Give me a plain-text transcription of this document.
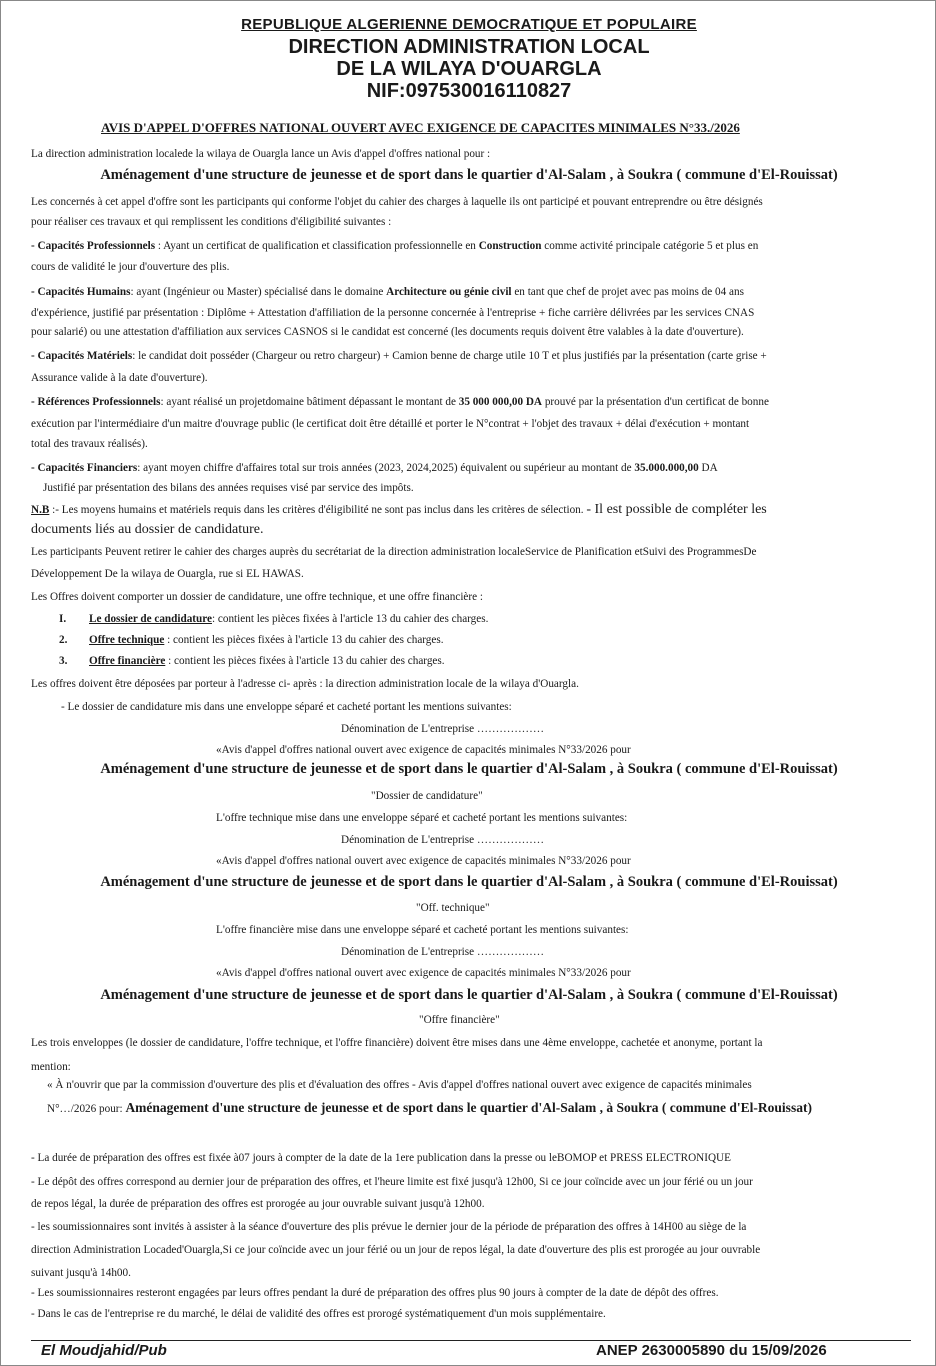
REPUBLIQUE ALGERIENNE DEMOCRATIQUE ET POPULAIRE
DIRECTION ADMINISTRATION LOCAL
DE LA WILAYA D'OUARGLA
NIF:097530016110827
AVIS D'APPEL D'OFFRES NATIONAL OUVERT AVEC EXIGENCE DE CAPACITES MINIMALES N°33./2026
La direction administration localede la wilaya de Ouargla lance un Avis d'appel d'offres national pour :
Aménagement d'une structure de jeunesse et de sport dans le quartier d'Al-Salam , à Soukra ( commune d'El-Rouissat)
Les concernés à cet appel d'offre sont les participants qui conforme l'objet du cahier des charges à laquelle ils ont participé et pouvant entreprendre ou être désignés
pour réaliser ces travaux et qui remplissent les conditions d'éligibilité suivantes :
- Capacités Professionnels : Ayant un certificat de qualification et classification professionnelle en Construction comme activité principale catégorie 5 et plus en
cours de validité le jour d'ouverture des plis.
- Capacités Humains: ayant (Ingénieur ou Master) spécialisé dans le domaine Architecture ou génie civil en tant que chef de projet avec pas moins de 04 ans
d'expérience, justifié par présentation : Diplôme + Attestation d'affiliation de la personne concernée à l'entreprise + fiche carrière délivrées par les services CNAS
pour salarié) ou une attestation d'affiliation aux services CASNOS si le candidat est concerné (les documents requis doivent être valables à la date d'ouverture).
- Capacités Matériels: le candidat doit posséder (Chargeur ou retro chargeur) + Camion benne de charge utile 10 T et plus justifiés par la présentation (carte grise +
Assurance valide à la date d'ouverture).
- Références Professionnels: ayant réalisé un projetdomaine bâtiment dépassant le montant de 35 000 000,00 DA prouvé par la présentation d'un certificat de bonne
exécution par l'intermédiaire d'un maitre d'ouvrage public (le certificat doit être détaillé et porter le N°contrat + l'objet des travaux + délai d'exécution + montant
total des travaux réalisés).
- Capacités Financiers: ayant moyen chiffre d'affaires total sur trois années (2023, 2024,2025) équivalent ou supérieur au montant de 35.000.000,00 DA
Justifié par présentation des bilans des années requises visé par service des impôts.
N.B :- Les moyens humains et matériels requis dans les critères d'éligibilité ne sont pas inclus dans les critères de sélection. - Il est possible de compléter les
documents liés au dossier de candidature.
Les participants Peuvent retirer le cahier des charges auprès du secrétariat de la direction administration localeService de Planification etSuivi des ProgrammesDe
Développement De la wilaya de Ouargla, rue si EL HAWAS.
Les Offres doivent comporter un dossier de candidature, une offre technique, et une offre financière :
I. Le dossier de candidature: contient les pièces fixées à l'article 13 du cahier des charges.
2. Offre technique : contient les pièces fixées à l'article 13 du cahier des charges.
3. Offre financière : contient les pièces fixées à l'article 13 du cahier des charges.
Les offres doivent être déposées par porteur à l'adresse ci- après : la direction administration locale de la wilaya d'Ouargla.
- Le dossier de candidature mis dans une enveloppe séparé et cacheté portant les mentions suivantes:
Dénomination de L'entreprise ………………
«Avis d'appel d'offres national ouvert avec exigence de capacités minimales N°33/2026 pour
Aménagement d'une structure de jeunesse et de sport dans le quartier d'Al-Salam , à Soukra ( commune d'El-Rouissat)
"Dossier de candidature"
L'offre technique mise dans une enveloppe séparé et cacheté portant les mentions suivantes:
Dénomination de L'entreprise ………………
«Avis d'appel d'offres national ouvert avec exigence de capacités minimales N°33/2026 pour
Aménagement d'une structure de jeunesse et de sport dans le quartier d'Al-Salam , à Soukra ( commune d'El-Rouissat)
"Off. technique"
L'offre financière mise dans une enveloppe séparé et cacheté portant les mentions suivantes:
Dénomination de L'entreprise ………………
«Avis d'appel d'offres national ouvert avec exigence de capacités minimales N°33/2026 pour
Aménagement d'une structure de jeunesse et de sport dans le quartier d'Al-Salam , à Soukra ( commune d'El-Rouissat)
"Offre financière"
Les trois enveloppes (le dossier de candidature, l'offre technique, et l'offre financière) doivent être mises dans une 4ème enveloppe, cachetée et anonyme, portant la
mention:
« À n'ouvrir que par la commission d'ouverture des plis et d'évaluation des offres - Avis d'appel d'offres national ouvert avec exigence de capacités minimales
N°…/2026 pour: Aménagement d'une structure de jeunesse et de sport dans le quartier d'Al-Salam , à Soukra ( commune d'El-Rouissat)
- La durée de préparation des offres est fixée à07 jours à compter de la date de la 1ere publication dans la presse ou leBOMOP et PRESS ELECTRONIQUE
- Le dépôt des offres correspond au dernier jour de préparation des offres, et l'heure limite est fixé jusqu'à 12h00, Si ce jour coïncide avec un jour férié ou un jour
de repos légal, la durée de préparation des offres est prorogée au jour ouvrable suivant jusqu'à 12h00.
- les soumissionnaires sont invités à assister à la séance d'ouverture des plis prévue le dernier jour de la période de préparation des offres à 14H00 au siège de la
direction Administration Locaded'Ouargla,Si ce jour coïncide avec un jour férié ou un jour de repos légal, la date d'ouverture des plis est prorogée au jour ouvrable
suivant jusqu'à 14h00.
- Les soumissionnaires resteront engagées par leurs offres pendant la duré de préparation des offres plus 90 jours à compter de la date de dépôt des offres.
- Dans le cas de l'entreprise re du marché, le délai de validité des offres est prorogé systématiquement d'un mois supplémentaire.
El Moudjahid/Pub	ANEP 2630005890 du 15/09/2026
